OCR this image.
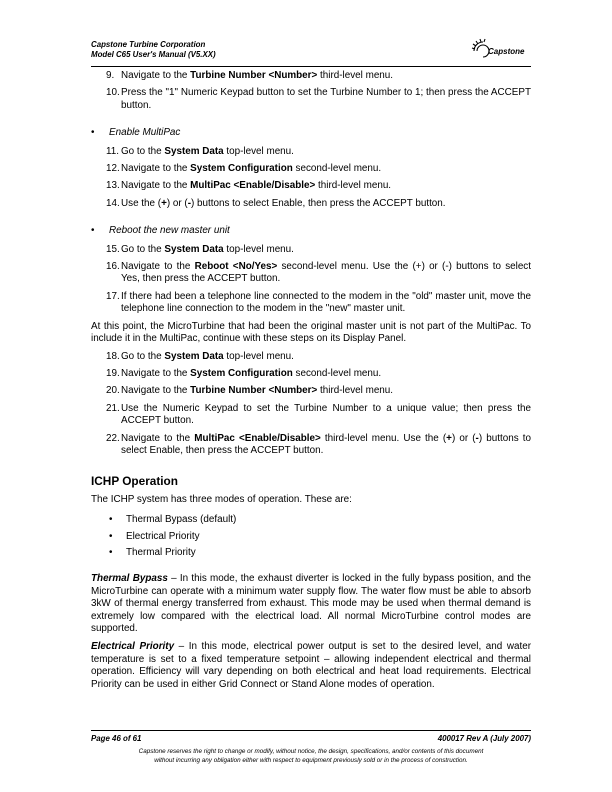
Capstone Turbine Corporation
Model C65 User's Manual (V5.XX)	Capstone
9. Navigate to the Turbine Number <Number> third-level menu.
10. Press the "1" Numeric Keypad button to set the Turbine Number to 1; then press the ACCEPT button.
• Enable MultiPac
11. Go to the System Data top-level menu.
12. Navigate to the System Configuration second-level menu.
13. Navigate to the MultiPac <Enable/Disable> third-level menu.
14. Use the (+) or (-) buttons to select Enable, then press the ACCEPT button.
• Reboot the new master unit
15. Go to the System Data top-level menu.
16. Navigate to the Reboot <No/Yes> second-level menu. Use the (+) or (-) buttons to select Yes, then press the ACCEPT button.
17. If there had been a telephone line connected to the modem in the "old" master unit, move the telephone line connection to the modem in the "new" master unit.
At this point, the MicroTurbine that had been the original master unit is not part of the MultiPac. To include it in the MultiPac, continue with these steps on its Display Panel.
18. Go to the System Data top-level menu.
19. Navigate to the System Configuration second-level menu.
20. Navigate to the Turbine Number <Number> third-level menu.
21. Use the Numeric Keypad to set the Turbine Number to a unique value; then press the ACCEPT button.
22. Navigate to the MultiPac <Enable/Disable> third-level menu. Use the (+) or (-) buttons to select Enable, then press the ACCEPT button.
ICHP Operation
The ICHP system has three modes of operation. These are:
• Thermal Bypass (default)
• Electrical Priority
• Thermal Priority
Thermal Bypass – In this mode, the exhaust diverter is locked in the fully bypass position, and the MicroTurbine can operate with a minimum water supply flow. The water flow must be able to absorb 3kW of thermal energy transferred from exhaust. This mode may be used when thermal demand is extremely low compared with the electrical load. All normal MicroTurbine control modes are supported.
Electrical Priority – In this mode, electrical power output is set to the desired level, and water temperature is set to a fixed temperature setpoint – allowing independent electrical and thermal operation. Efficiency will vary depending on both electrical and heat load requirements. Electrical Priority can be used in either Grid Connect or Stand Alone modes of operation.
Page 46 of 61	400017 Rev A (July 2007)
Capstone reserves the right to change or modify, without notice, the design, specifications, and/or contents of this document
without incurring any obligation either with respect to equipment previously sold or in the process of construction.
